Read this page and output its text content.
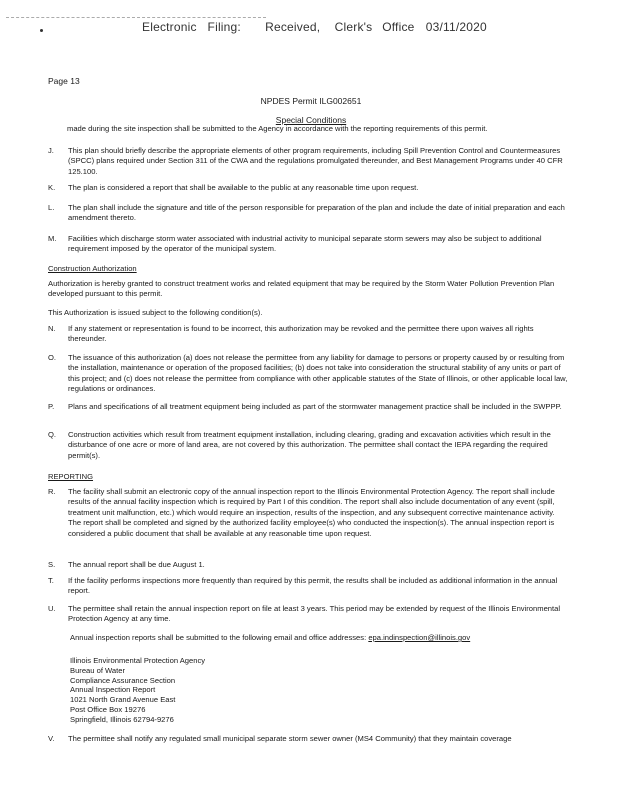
Electronic Filing: Received, Clerk's Office 03/11/2020
Page 13
NPDES Permit ILG002651
Special Conditions
made during the site inspection shall be submitted to the Agency in accordance with the reporting requirements of this permit.
J.	This plan should briefly describe the appropriate elements of other program requirements, including Spill Prevention Control and Countermeasures (SPCC) plans required under Section 311 of the CWA and the regulations promulgated thereunder, and Best Management Programs under 40 CFR 125.100.
K.	The plan is considered a report that shall be available to the public at any reasonable time upon request.
L.	The plan shall include the signature and title of the person responsible for preparation of the plan and include the date of initial preparation and each amendment thereto.
M.	Facilities which discharge storm water associated with industrial activity to municipal separate storm sewers may also be subject to additional requirement imposed by the operator of the municipal system.
Construction Authorization
Authorization is hereby granted to construct treatment works and related equipment that may be required by the Storm Water Pollution Prevention Plan developed pursuant to this permit.
This Authorization is issued subject to the following condition(s).
N.	If any statement or representation is found to be incorrect, this authorization may be revoked and the permittee there upon waives all rights thereunder.
O.	The issuance of this authorization (a) does not release the permittee from any liability for damage to persons or property caused by or resulting from the installation, maintenance or operation of the proposed facilities; (b) does not take into consideration the structural stability of any units or part of this project; and (c) does not release the permittee from compliance with other applicable statutes of the State of Illinois, or other applicable local law, regulations or ordinances.
P.	Plans and specifications of all treatment equipment being included as part of the stormwater management practice shall be included in the SWPPP.
Q.	Construction activities which result from treatment equipment installation, including clearing, grading and excavation activities which result in the disturbance of one acre or more of land area, are not covered by this authorization. The permittee shall contact the IEPA regarding the required permit(s).
REPORTING
R.	The facility shall submit an electronic copy of the annual inspection report to the Illinois Environmental Protection Agency. The report shall include results of the annual facility inspection which is required by Part I of this condition. The report shall also include documentation of any event (spill, treatment unit malfunction, etc.) which would require an inspection, results of the inspection, and any subsequent corrective maintenance activity. The report shall be completed and signed by the authorized facility employee(s) who conducted the inspection(s). The annual inspection report is considered a public document that shall be available at any reasonable time upon request.
S.	The annual report shall be due August 1.
T.	If the facility performs inspections more frequently than required by this permit, the results shall be included as additional information in the annual report.
U.	The permittee shall retain the annual inspection report on file at least 3 years. This period may be extended by request of the Illinois Environmental Protection Agency at any time.
Annual inspection reports shall be submitted to the following email and office addresses: epa.indinspection@illinois.gov
Illinois Environmental Protection Agency
Bureau of Water
Compliance Assurance Section
Annual Inspection Report
1021 North Grand Avenue East
Post Office Box 19276
Springfield, Illinois 62794-9276
V.	The permittee shall notify any regulated small municipal separate storm sewer owner (MS4 Community) that they maintain coverage
